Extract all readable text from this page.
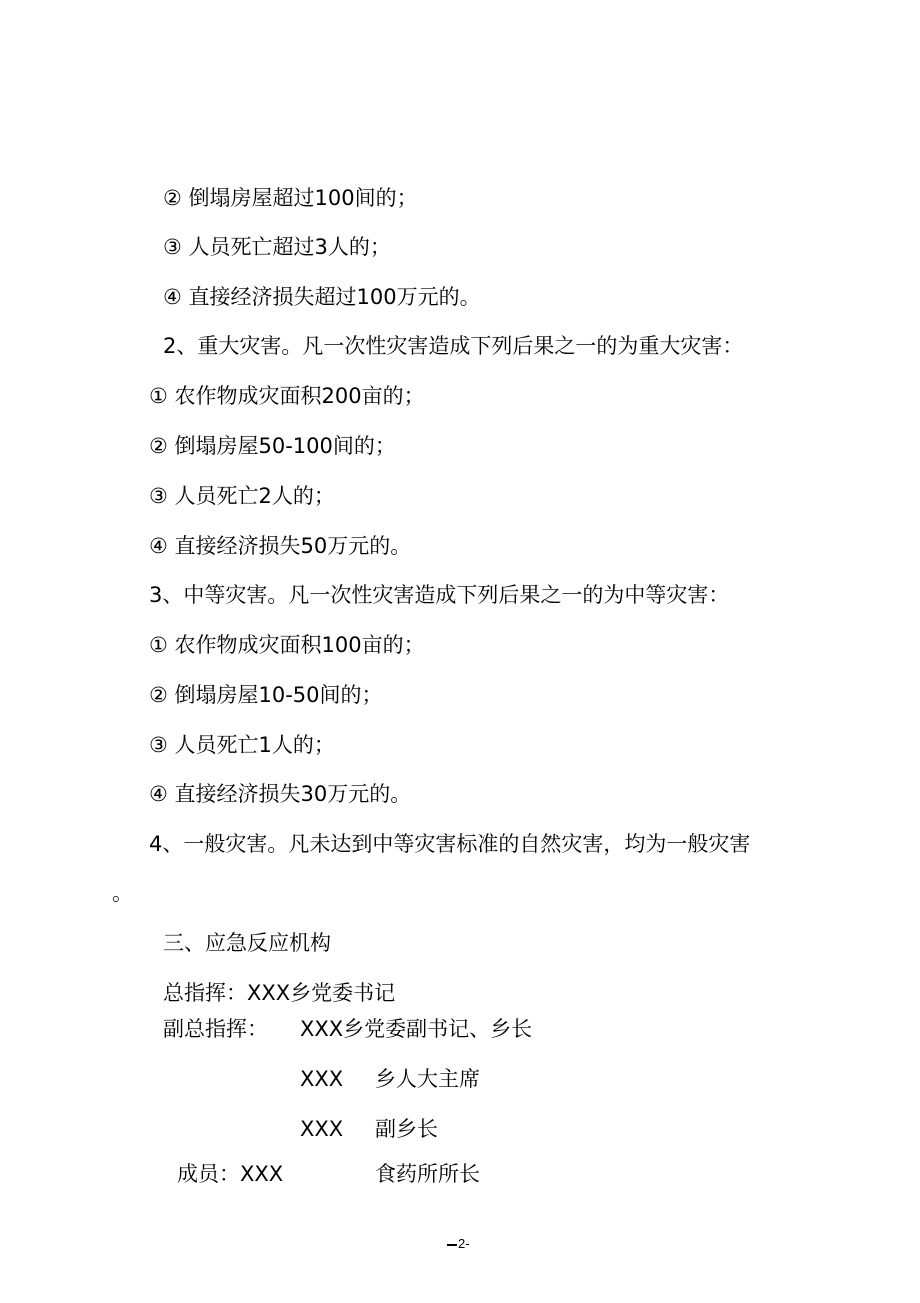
② 倒塌房屋超过100间的；
③ 人员死亡超过3人的；
④ 直接经济损失超过100万元的。
2、重大灾害。凡一次性灾害造成下列后果之一的为重大灾害：
① 农作物成灾面积200亩的；
② 倒塌房屋50-100间的；
③ 人员死亡2人的；
④ 直接经济损失50万元的。
3、中等灾害。凡一次性灾害造成下列后果之一的为中等灾害：
① 农作物成灾面积100亩的；
② 倒塌房屋10-50间的；
③ 人员死亡1人的；
④ 直接经济损失30万元的。
4、一般灾害。凡未达到中等灾害标准的自然灾害，均为一般灾害
。
三、应急反应机构
总指挥：XXX乡党委书记
副总指挥： XXX乡党委副书记、乡长
XXX 乡人大主席
XXX 副乡长
成员：XXX	食药所所长
2-
